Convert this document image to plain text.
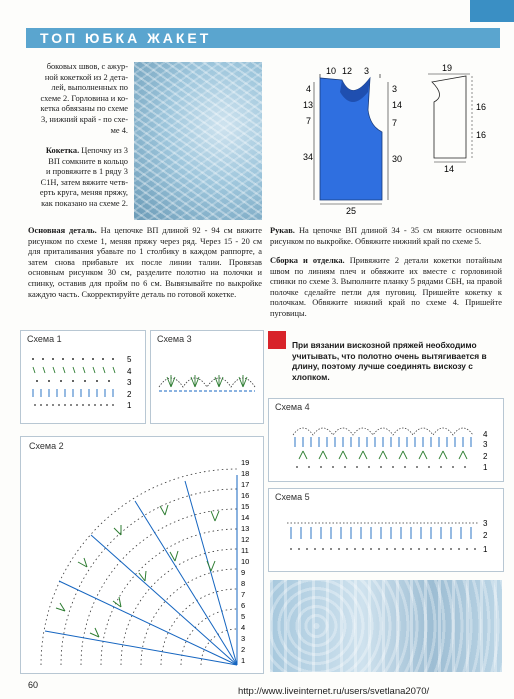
ТОП ЮБКА ЖАКЕТ
боковых швов, с ажур-
ной кокеткой из 2 дета-
лей, выполненных по
схеме 2. Горловина и ко-
кетка обвязаны по схеме
3, нижний край - по схе-
ме 4.
Кокетка. Цепочку из 3
ВП сомкните в кольцо
и провяжите в 1 ряду 3
С1Н, затем вяжите четв-
ерть круга, меняя пряжу,
как показано на схеме 2.
Основная деталь. На цепочке ВП длиной 92 - 94 см вяжите рисунком по схеме 1, меняя пряжу через ряд. Через 15 - 20 см для приталивания убавьте по 1 столбику в каждом раппорте, а затем снова прибавьте их после линии талии. Провязав основным рисунком 30 см, разделите полотно на полочки и спинку, оставив для пройм по 6 см. Вывязывайте по выкройке каждую часть. Скорректируйте деталь по готовой кокетке.
10 12 3
4
13
7
34
3
14
7
30
25
19
16
16
14
Рукав. На цепочке ВП длиной 34 - 35 см вяжите основным рисунком по выкройке. Обвяжите нижний край по схеме 5.
Сборка и отделка. Привяжите 2 детали кокетки потайным швом по линиям плеч и обвяжите их вместе с горловиной спинки по схеме 3. Выполните планку 5 рядами СБН, на правой полочке сделайте петли для пуговиц. Пришейте кокетку к полочкам. Обвяжите нижний край по схеме 4. Пришейте пуговицы.
Схема 1
5
4
3
2
1
Схема 3
При вязании вискозной пряжей необходимо учитывать, что полотно очень вытягивается в длину, поэтому лучше соединять вискозу с хлопком.
Схема 4
4
3
2
1
Схема 5
3
2
1
Схема 2
19
18
17
16
15
14
13
12
11
10
9
8
7
6
5
4
3
2
1
60
http://www.liveinternet.ru/users/svetlana2070/
